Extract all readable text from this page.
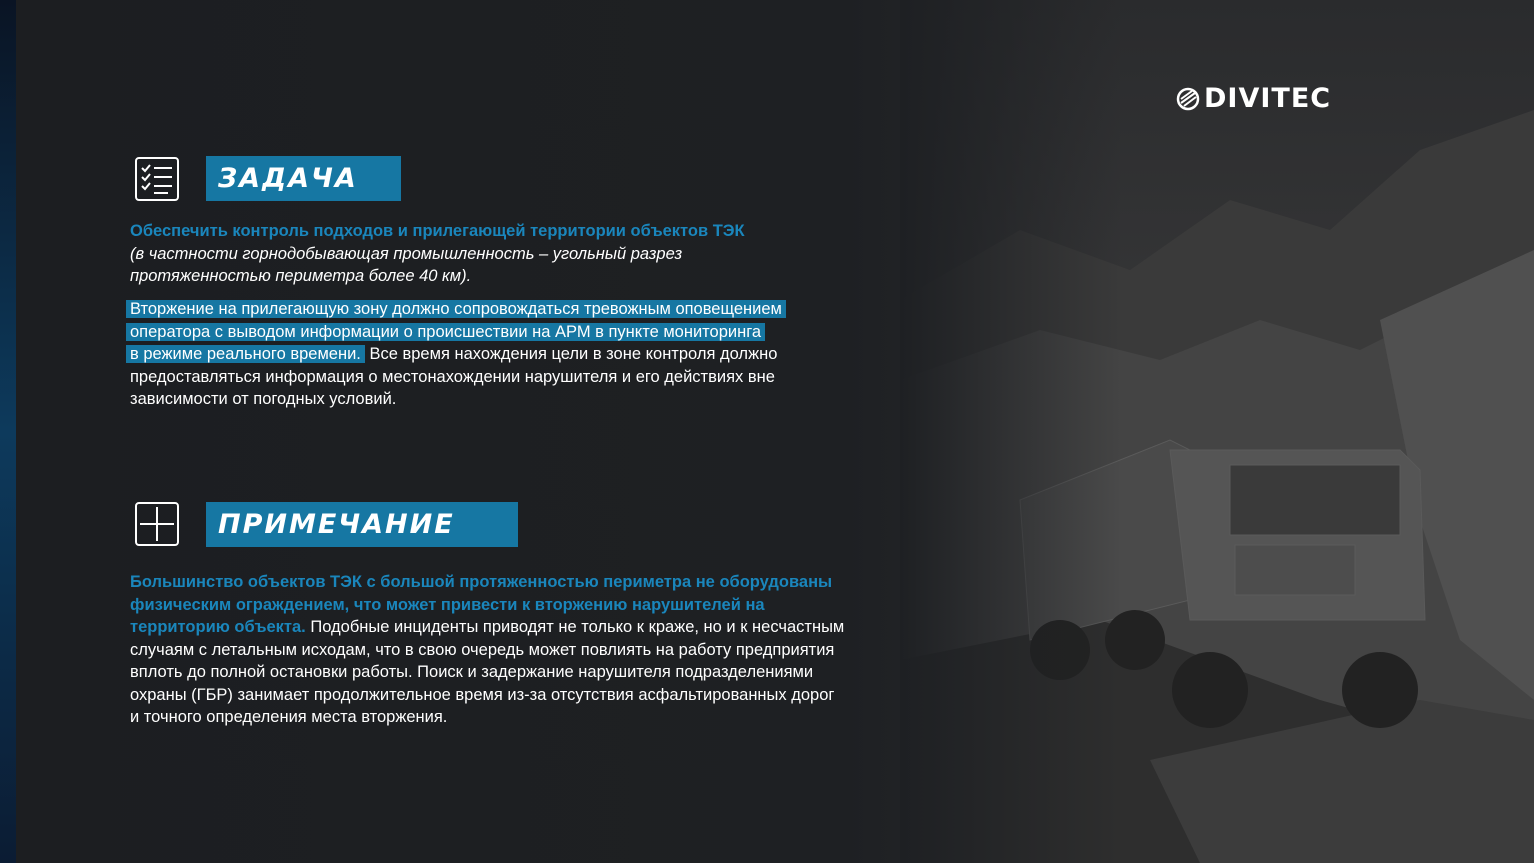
DIVITEC
ЗАДАЧА
Обеспечить контроль подходов и прилегающей территории объектов ТЭК
(в частности горнодобывающая промышленность – угольный разрез
протяженностью периметра более 40 км).
Вторжение на прилегающую зону должно сопровождаться тревожным оповещением
оператора с выводом информации о происшествии на АРМ в пункте мониторинга
в режиме реального времени. Все время нахождения цели в зоне контроля должно
предоставляться информация о местонахождении нарушителя и его действиях вне
зависимости от погодных условий.
ПРИМЕЧАНИЕ
Большинство объектов ТЭК с большой протяженностью периметра не оборудованы
физическим ограждением, что может привести к вторжению нарушителей на
территорию объекта. Подобные инциденты приводят не только к краже, но и к несчастным
случаям с летальным исходам, что в свою очередь может повлиять на работу предприятия
вплоть до полной остановки работы. Поиск и задержание нарушителя подразделениями
охраны (ГБР) занимает продолжительное время из-за отсутствия асфальтированных дорог
и точного определения места вторжения.
